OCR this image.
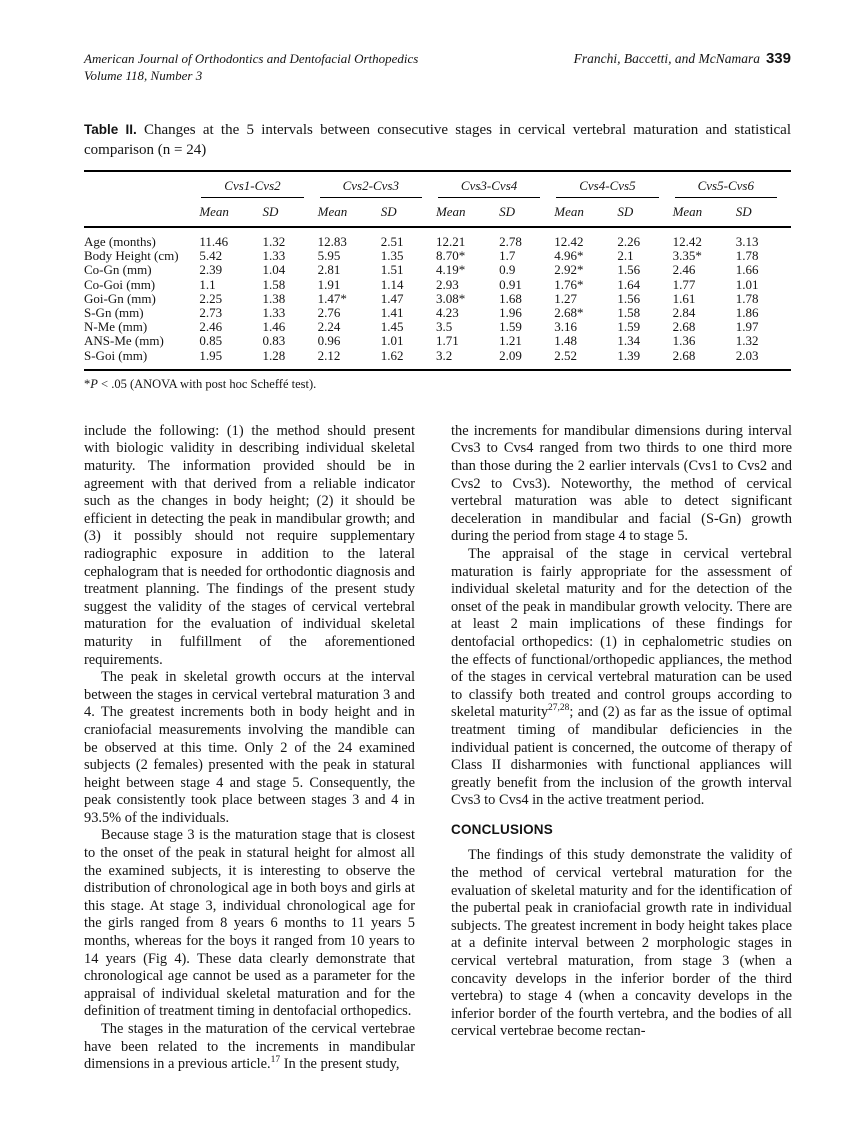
American Journal of Orthodontics and Dentofacial Orthopedics
Volume 118, Number 3
Franchi, Baccetti, and McNamara 339

Table II. Changes at the 5 intervals between consecutive stages in cervical vertebral maturation and statistical comparison (n = 24)

	Cvs1-Cvs2		Cvs2-Cvs3		Cvs3-Cvs4		Cvs4-Cvs5		Cvs5-Cvs6	

	Mean	SD	Mean	SD	Mean	SD	Mean	SD	Mean	SD
Age (months)	11.46	1.32	12.83	2.51	12.21	2.78	12.42	2.26	12.42	3.13
Body Height (cm)	5.42	1.33	5.95	1.35	8.70*	1.7	4.96*	2.1	3.35*	1.78
Co-Gn (mm)	2.39	1.04	2.81	1.51	4.19*	0.9	2.92*	1.56	2.46	1.66
Co-Goi (mm)	1.1	1.58	1.91	1.14	2.93	0.91	1.76*	1.64	1.77	1.01
Goi-Gn (mm)	2.25	1.38	1.47*	1.47	3.08*	1.68	1.27	1.56	1.61	1.78
S-Gn (mm)	2.73	1.33	2.76	1.41	4.23	1.96	2.68*	1.58	2.84	1.86
N-Me (mm)	2.46	1.46	2.24	1.45	3.5	1.59	3.16	1.59	2.68	1.97
ANS-Me (mm)	0.85	0.83	0.96	1.01	1.71	1.21	1.48	1.34	1.36	1.32
S-Goi (mm)	1.95	1.28	2.12	1.62	3.2	2.09	2.52	1.39	2.68	2.03

*P < .05 (ANOVA with post hoc Scheffé test).

include the following: (1) the method should present with biologic validity in describing individual skeletal maturity. The information provided should be in agreement with that derived from a reliable indicator such as the changes in body height; (2) it should be efficient in detecting the peak in mandibular growth; and (3) it possibly should not require supplementary radiographic exposure in addition to the lateral cephalogram that is needed for orthodontic diagnosis and treatment planning. The findings of the present study suggest the validity of the stages of cervical vertebral maturation for the evaluation of individual skeletal maturity in fulfillment of the aforementioned requirements.

The peak in skeletal growth occurs at the interval between the stages in cervical vertebral maturation 3 and 4. The greatest increments both in body height and in craniofacial measurements involving the mandible can be observed at this time. Only 2 of the 24 examined subjects (2 females) presented with the peak in statural height between stage 4 and stage 5. Consequently, the peak consistently took place between stages 3 and 4 in 93.5% of the individuals.

Because stage 3 is the maturation stage that is closest to the onset of the peak in statural height for almost all the examined subjects, it is interesting to observe the distribution of chronological age in both boys and girls at this stage. At stage 3, individual chronological age for the girls ranged from 8 years 6 months to 11 years 5 months, whereas for the boys it ranged from 10 years to 14 years (Fig 4). These data clearly demonstrate that chronological age cannot be used as a parameter for the appraisal of individual skeletal maturation and for the definition of treatment timing in dentofacial orthopedics.

The stages in the maturation of the cervical vertebrae have been related to the increments in mandibular dimensions in a previous article.$^{17}$ In the present study,

the increments for mandibular dimensions during interval Cvs3 to Cvs4 ranged from two thirds to one third more than those during the 2 earlier intervals (Cvs1 to Cvs2 and Cvs2 to Cvs3). Noteworthy, the method of cervical vertebral maturation was able to detect significant deceleration in mandibular and facial (S-Gn) growth during the period from stage 4 to stage 5.

The appraisal of the stage in cervical vertebral maturation is fairly appropriate for the assessment of individual skeletal maturity and for the detection of the onset of the peak in mandibular growth velocity. There are at least 2 main implications of these findings for dentofacial orthopedics: (1) in cephalometric studies on the effects of functional/orthopedic appliances, the method of the stages in cervical vertebral maturation can be used to classify both treated and control groups according to skeletal maturity$^{27,28}$; and (2) as far as the issue of optimal treatment timing of mandibular deficiencies in the individual patient is concerned, the outcome of therapy of Class II disharmonies with functional appliances will greatly benefit from the inclusion of the growth interval Cvs3 to Cvs4 in the active treatment period.

CONCLUSIONS

The findings of this study demonstrate the validity of the method of cervical vertebral maturation for the evaluation of skeletal maturity and for the identification of the pubertal peak in craniofacial growth rate in individual subjects. The greatest increment in body height takes place at a definite interval between 2 morphologic stages in cervical vertebral maturation, from stage 3 (when a concavity develops in the inferior border of the third vertebra) to stage 4 (when a concavity develops in the inferior border of the fourth vertebra, and the bodies of all cervical vertebrae become rectan-
